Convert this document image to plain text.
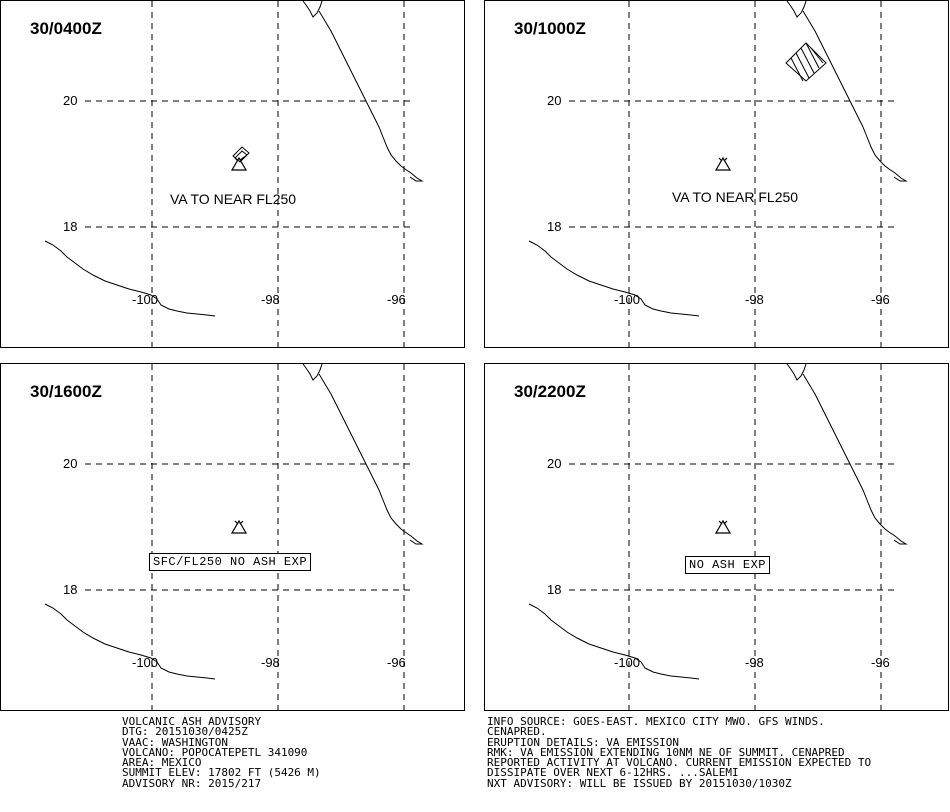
30/0400Z
20
18
-100	-98	-96
VA TO NEAR FL250
30/1000Z
20
18
-100	-98	-96
VA TO NEAR FL250
30/1600Z
20
18
-100	-98	-96
SFC/FL250 NO ASH EXP
30/2200Z
20
18
-100	-98	-96
NO ASH EXP
VOLCANIC ASH ADVISORY
DTG: 20151030/0425Z
VAAC: WASHINGTON
VOLCANO: POPOCATEPETL 341090
AREA: MEXICO
SUMMIT ELEV: 17802 FT (5426 M)
ADVISORY NR: 2015/217
INFO SOURCE: GOES-EAST. MEXICO CITY MWO. GFS WINDS.
CENAPRED.
ERUPTION DETAILS: VA EMISSION
RMK: VA EMISSION EXTENDING 10NM NE OF SUMMIT. CENAPRED
REPORTED ACTIVITY AT VOLCANO. CURRENT EMISSION EXPECTED TO
DISSIPATE OVER NEXT 6-12HRS. ...SALEMI
NXT ADVISORY: WILL BE ISSUED BY 20151030/1030Z
